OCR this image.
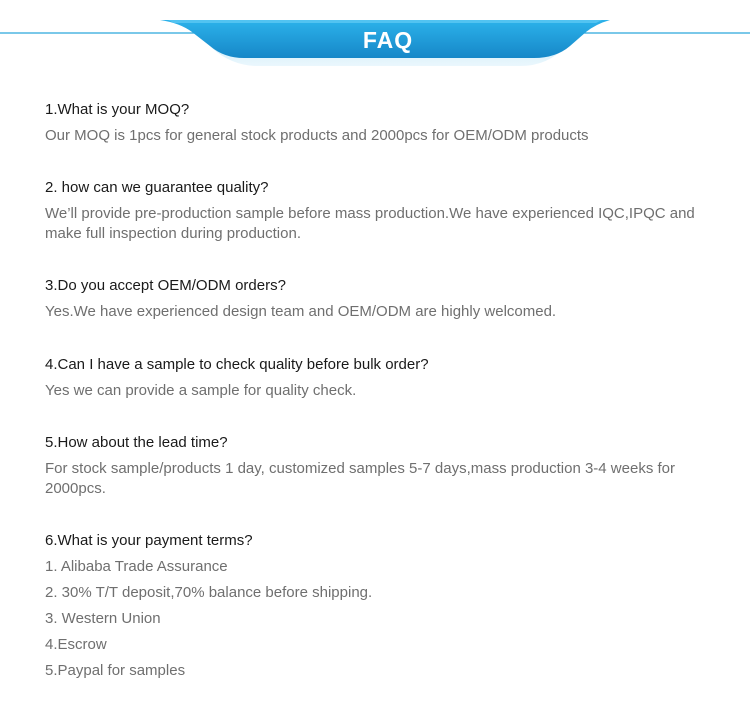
FAQ
1.What is your MOQ?
Our MOQ is 1pcs for general stock products and 2000pcs for OEM/ODM products
2. how can we guarantee quality?
We’ll provide pre-production sample before mass production.We have experienced IQC,IPQC and make full inspection during production.
3.Do you accept OEM/ODM orders?
Yes.We have experienced design team and OEM/ODM are highly welcomed.
4.Can I have a sample to check quality before bulk order?
Yes we can provide a sample for quality check.
5.How about the lead time?
For stock sample/products 1 day, customized samples 5-7 days,mass production 3-4 weeks for 2000pcs.
6.What is your payment terms?
1. Alibaba Trade Assurance
2. 30% T/T deposit,70% balance before shipping.
3. Western Union
4.Escrow
5.Paypal for samples
